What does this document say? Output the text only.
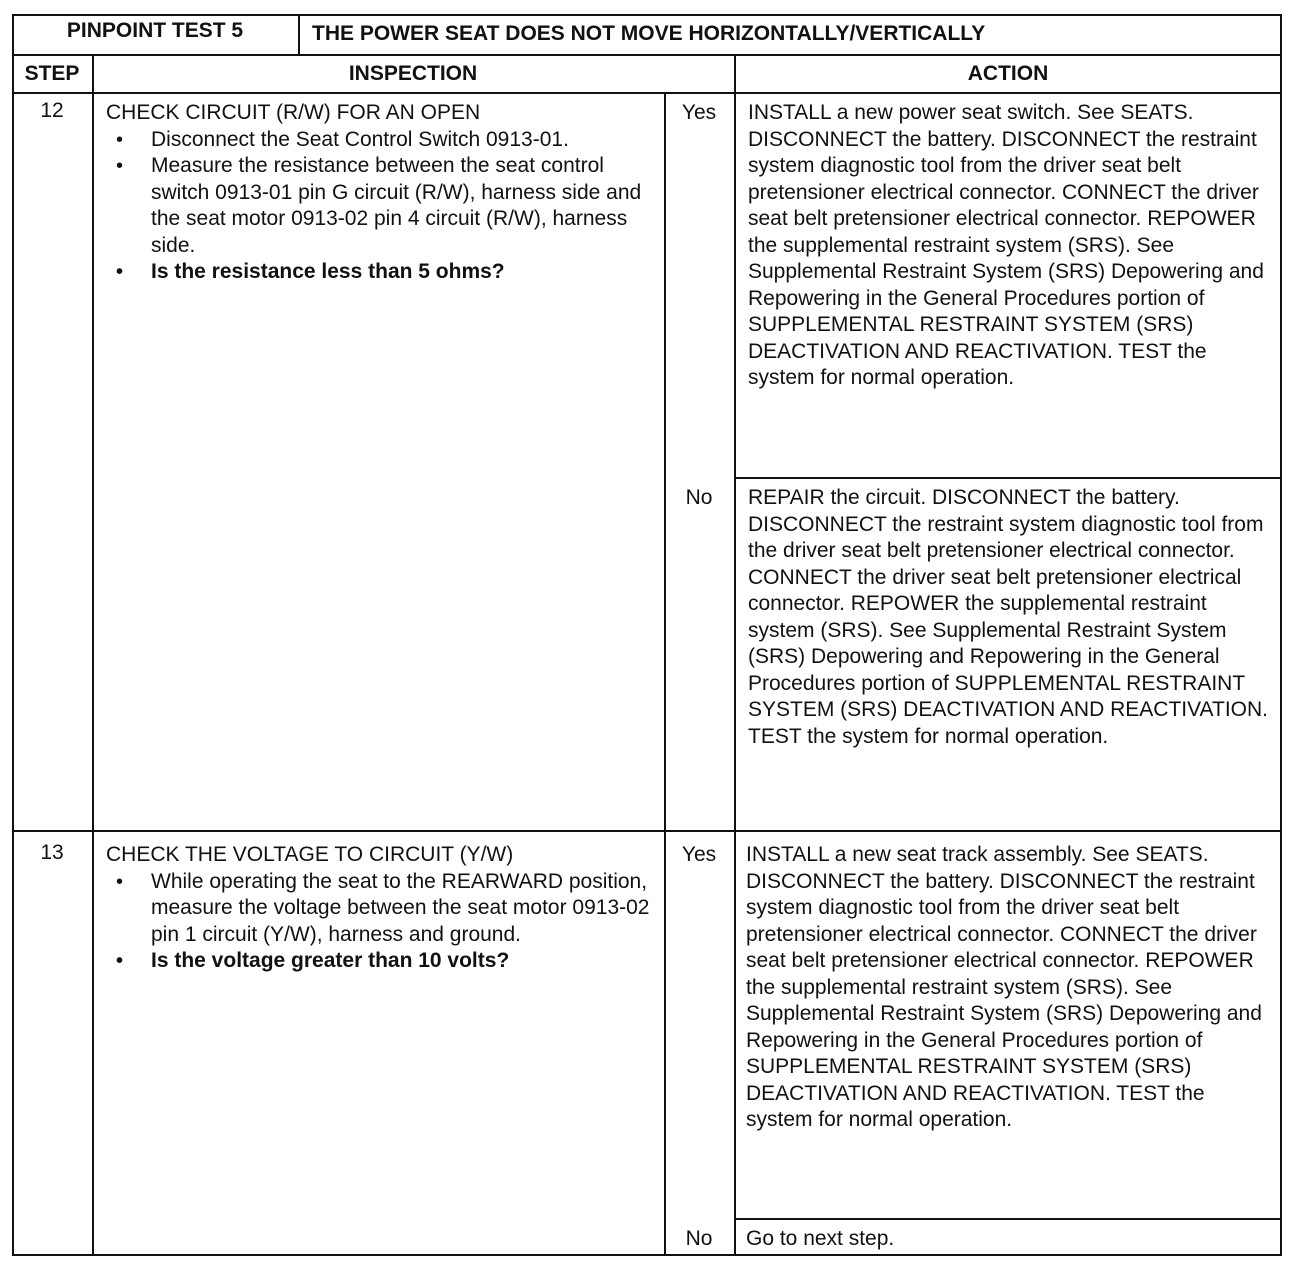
PINPOINT TEST 5	THE POWER SEAT DOES NOT MOVE HORIZONTALLY/VERTICALLY
STEP	INSPECTION	ACTION
12	CHECK CIRCUIT (R/W) FOR AN OPEN
• Disconnect the Seat Control Switch 0913-01.
• Measure the resistance between the seat control switch 0913-01 pin G circuit (R/W), harness side and the seat motor 0913-02 pin 4 circuit (R/W), harness side.
• Is the resistance less than 5 ohms?
Yes	INSTALL a new power seat switch. See SEATS. DISCONNECT the battery. DISCONNECT the restraint system diagnostic tool from the driver seat belt pretensioner electrical connector. CONNECT the driver seat belt pretensioner electrical connector. REPOWER the supplemental restraint system (SRS). See Supplemental Restraint System (SRS) Depowering and Repowering in the General Procedures portion of SUPPLEMENTAL RESTRAINT SYSTEM (SRS) DEACTIVATION AND REACTIVATION. TEST the system for normal operation.
No	REPAIR the circuit. DISCONNECT the battery. DISCONNECT the restraint system diagnostic tool from the driver seat belt pretensioner electrical connector. CONNECT the driver seat belt pretensioner electrical connector. REPOWER the supplemental restraint system (SRS). See Supplemental Restraint System (SRS) Depowering and Repowering in the General Procedures portion of SUPPLEMENTAL RESTRAINT SYSTEM (SRS) DEACTIVATION AND REACTIVATION. TEST the system for normal operation.
13	CHECK THE VOLTAGE TO CIRCUIT (Y/W)
• While operating the seat to the REARWARD position, measure the voltage between the seat motor 0913-02 pin 1 circuit (Y/W), harness and ground.
• Is the voltage greater than 10 volts?
Yes	INSTALL a new seat track assembly. See SEATS. DISCONNECT the battery. DISCONNECT the restraint system diagnostic tool from the driver seat belt pretensioner electrical connector. CONNECT the driver seat belt pretensioner electrical connector. REPOWER the supplemental restraint system (SRS). See Supplemental Restraint System (SRS) Depowering and Repowering in the General Procedures portion of SUPPLEMENTAL RESTRAINT SYSTEM (SRS) DEACTIVATION AND REACTIVATION. TEST the system for normal operation.
No	Go to next step.
